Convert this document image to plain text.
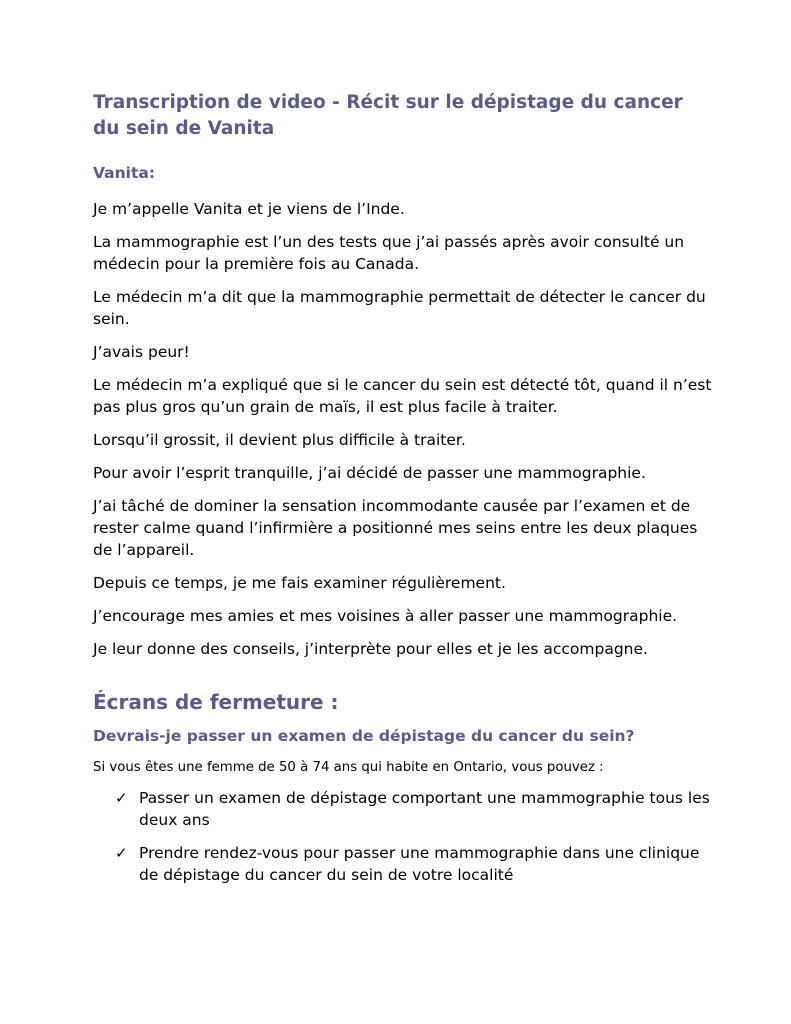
Transcription de video - Récit sur le dépistage du cancer du sein de Vanita
Vanita:

Je m’appelle Vanita et je viens de l’Inde.

La mammographie est l’un des tests que j’ai passés après avoir consulté un médecin pour la première fois au Canada.

Le médecin m’a dit que la mammographie permettait de détecter le cancer du sein.

J’avais peur!

Le médecin m’a expliqué que si le cancer du sein est détecté tôt, quand il n’est pas plus gros qu’un grain de maïs, il est plus facile à traiter.

Lorsqu’il grossit, il devient plus difficile à traiter.

Pour avoir l’esprit tranquille, j’ai décidé de passer une mammographie.

J’ai tâché de dominer la sensation incommodante causée par l’examen et de rester calme quand l’infirmière a positionné mes seins entre les deux plaques de l’appareil.

Depuis ce temps, je me fais examiner régulièrement.

J’encourage mes amies et mes voisines à aller passer une mammographie.

Je leur donne des conseils, j’interprète pour elles et je les accompagne.

Écrans de fermeture :
Devrais-je passer un examen de dépistage du cancer du sein?

Si vous êtes une femme de 50 à 74 ans qui habite en Ontario, vous pouvez :

✓ Passer un examen de dépistage comportant une mammographie tous les deux ans
✓ Prendre rendez-vous pour passer une mammographie dans une clinique de dépistage du cancer du sein de votre localité
